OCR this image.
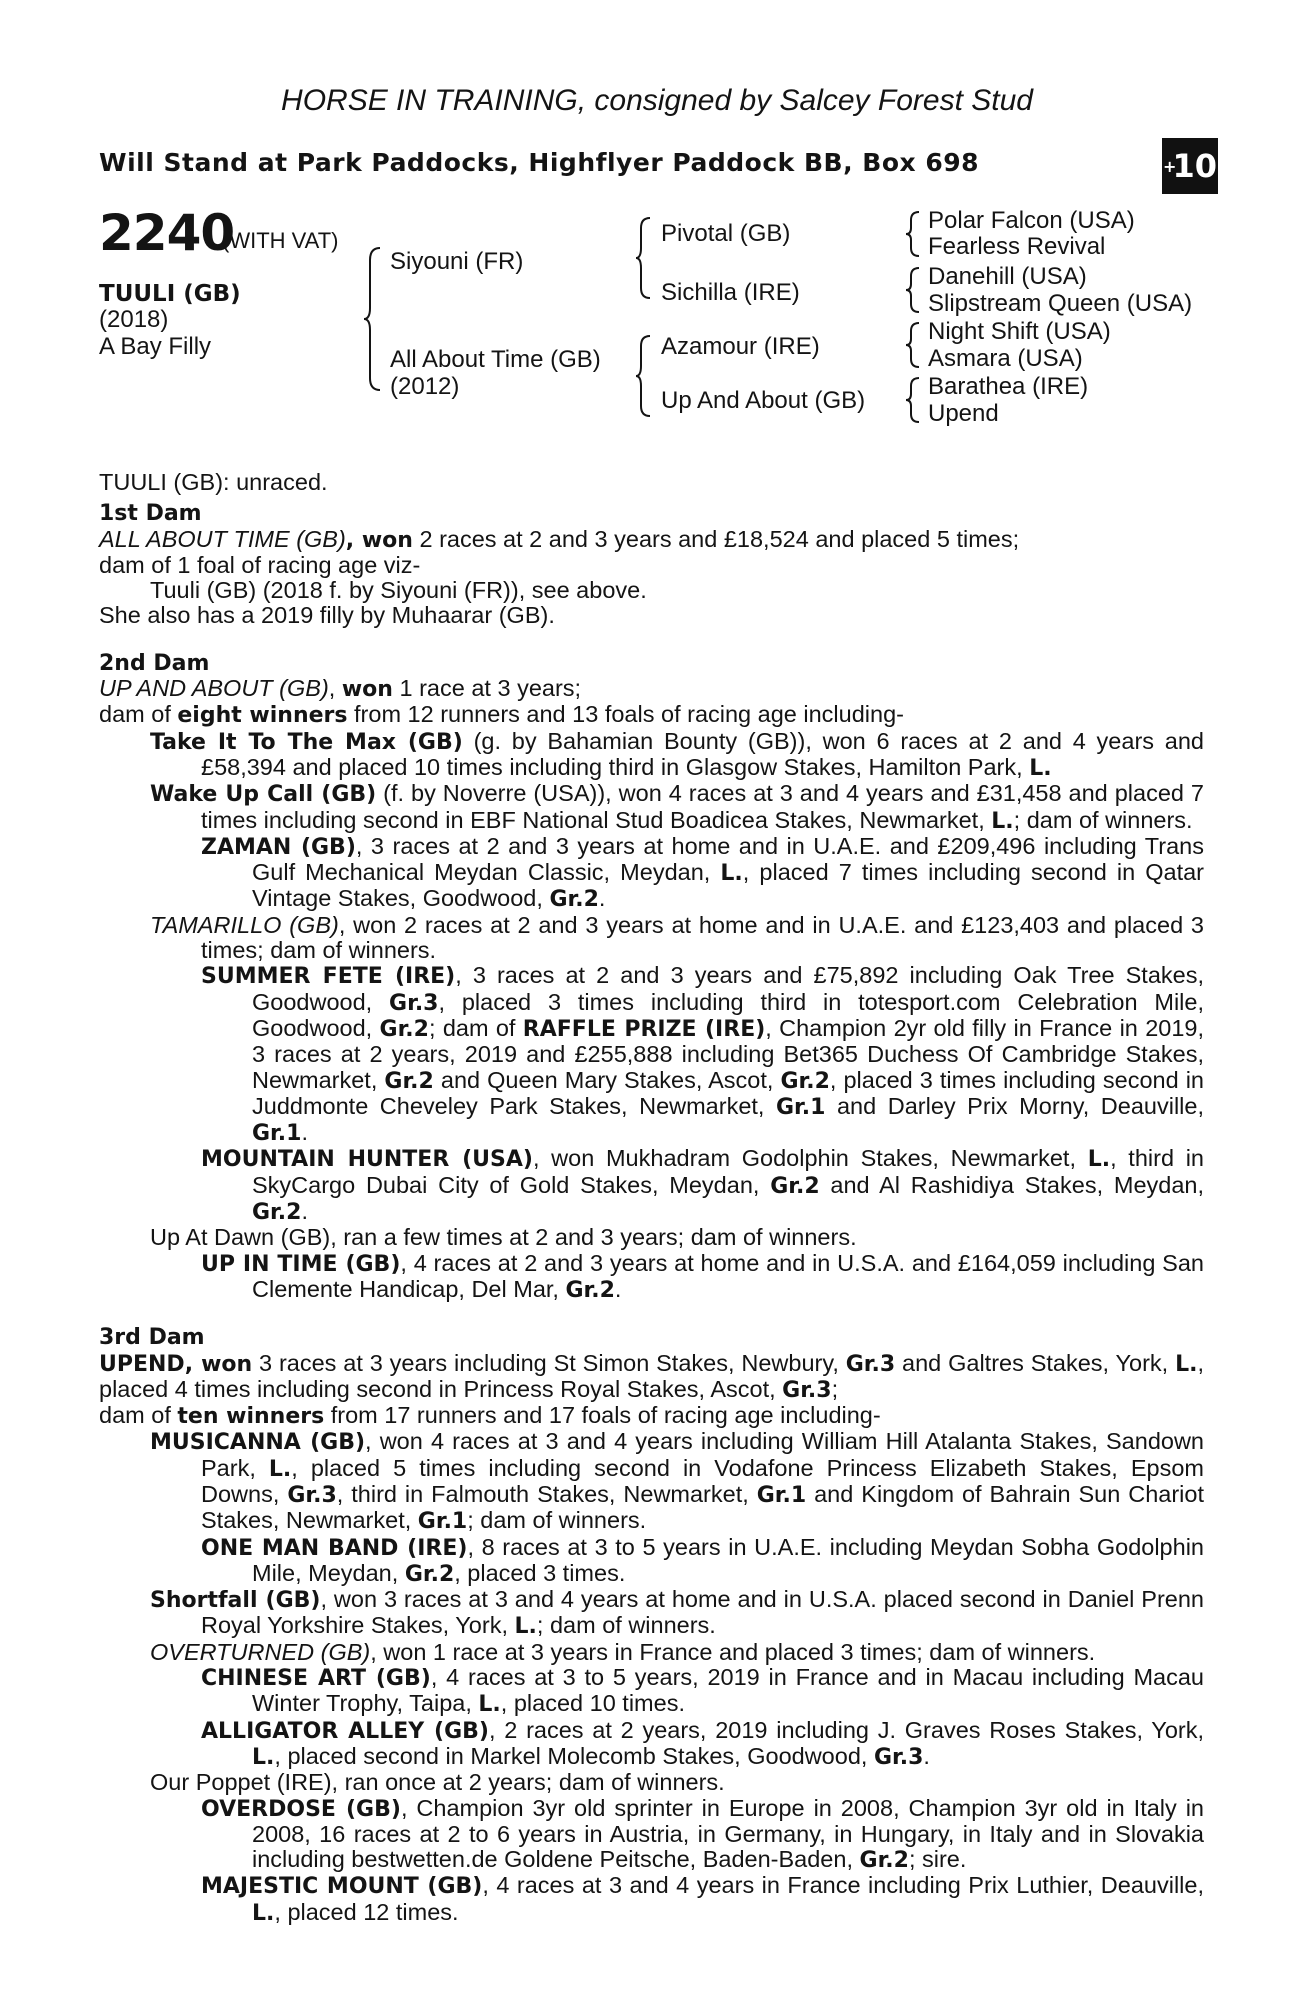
HORSE IN TRAINING, consigned by Salcey Forest Stud
Will Stand at Park Paddocks, Highflyer Paddock BB, Box 698	+
10
2240
(WITH VAT)
TUULI (GB)
(2018)
A Bay Filly
Siyouni (FR)
All About Time (GB)
(2012)
Pivotal (GB)
Sichilla (IRE)
Azamour (IRE)
Up And About (GB)
Polar Falcon (USA)
Fearless Revival
Danehill (USA)
Slipstream Queen (USA)
Night Shift (USA)
Asmara (USA)
Barathea (IRE)
Upend

TUULI (GB): unraced.

1st Dam

ALL ABOUT TIME (GB), won 2 races at 2 and 3 years and £18,524 and placed 5 times;

dam of 1 foal of racing age viz-

Tuuli (GB) (2018 f. by Siyouni (FR)), see above.

She also has a 2019 filly by Muhaarar (GB).

2nd Dam

UP AND ABOUT (GB), won 1 race at 3 years;

dam of eight winners from 12 runners and 13 foals of racing age including-

Take It To The Max (GB) (g. by Bahamian Bounty (GB)), won 6 races at 2 and 4 years and £58,394 and placed 10 times including third in Glasgow Stakes, Hamilton Park, L.

Wake Up Call (GB) (f. by Noverre (USA)), won 4 races at 3 and 4 years and £31,458 and placed 7 times including second in EBF National Stud Boadicea Stakes, Newmarket, L.; dam of winners.

ZAMAN (GB), 3 races at 2 and 3 years at home and in U.A.E. and £209,496 including Trans Gulf Mechanical Meydan Classic, Meydan, L., placed 7 times including second in Qatar Vintage Stakes, Goodwood, Gr.2.

TAMARILLO (GB), won 2 races at 2 and 3 years at home and in U.A.E. and £123,403 and placed 3 times; dam of winners.

SUMMER FETE (IRE), 3 races at 2 and 3 years and £75,892 including Oak Tree Stakes, Goodwood, Gr.3, placed 3 times including third in totesport.com Celebration Mile, Goodwood, Gr.2; dam of RAFFLE PRIZE (IRE), Champion 2yr old filly in France in 2019, 3 races at 2 years, 2019 and £255,888 including Bet365 Duchess Of Cambridge Stakes, Newmarket, Gr.2 and Queen Mary Stakes, Ascot, Gr.2, placed 3 times including second in Juddmonte Cheveley Park Stakes, Newmarket, Gr.1 and Darley Prix Morny, Deauville, Gr.1.

MOUNTAIN HUNTER (USA), won Mukhadram Godolphin Stakes, Newmarket, L., third in SkyCargo Dubai City of Gold Stakes, Meydan, Gr.2 and Al Rashidiya Stakes, Meydan, Gr.2.

Up At Dawn (GB), ran a few times at 2 and 3 years; dam of winners.

UP IN TIME (GB), 4 races at 2 and 3 years at home and in U.S.A. and £164,059 including San Clemente Handicap, Del Mar, Gr.2.

3rd Dam

UPEND, won 3 races at 3 years including St Simon Stakes, Newbury, Gr.3 and Galtres Stakes, York, L., placed 4 times including second in Princess Royal Stakes, Ascot, Gr.3;

dam of ten winners from 17 runners and 17 foals of racing age including-

MUSICANNA (GB), won 4 races at 3 and 4 years including William Hill Atalanta Stakes, Sandown Park, L., placed 5 times including second in Vodafone Princess Elizabeth Stakes, Epsom Downs, Gr.3, third in Falmouth Stakes, Newmarket, Gr.1 and Kingdom of Bahrain Sun Chariot Stakes, Newmarket, Gr.1; dam of winners.

ONE MAN BAND (IRE), 8 races at 3 to 5 years in U.A.E. including Meydan Sobha Godolphin Mile, Meydan, Gr.2, placed 3 times.

Shortfall (GB), won 3 races at 3 and 4 years at home and in U.S.A. placed second in Daniel Prenn Royal Yorkshire Stakes, York, L.; dam of winners.

OVERTURNED (GB), won 1 race at 3 years in France and placed 3 times; dam of winners.

CHINESE ART (GB), 4 races at 3 to 5 years, 2019 in France and in Macau including Macau Winter Trophy, Taipa, L., placed 10 times.

ALLIGATOR ALLEY (GB), 2 races at 2 years, 2019 including J. Graves Roses Stakes, York, L., placed second in Markel Molecomb Stakes, Goodwood, Gr.3.

Our Poppet (IRE), ran once at 2 years; dam of winners.

OVERDOSE (GB), Champion 3yr old sprinter in Europe in 2008, Champion 3yr old in Italy in 2008, 16 races at 2 to 6 years in Austria, in Germany, in Hungary, in Italy and in Slovakia including bestwetten.de Goldene Peitsche, Baden-Baden, Gr.2; sire.

MAJESTIC MOUNT (GB), 4 races at 3 and 4 years in France including Prix Luthier, Deauville, L., placed 12 times.
